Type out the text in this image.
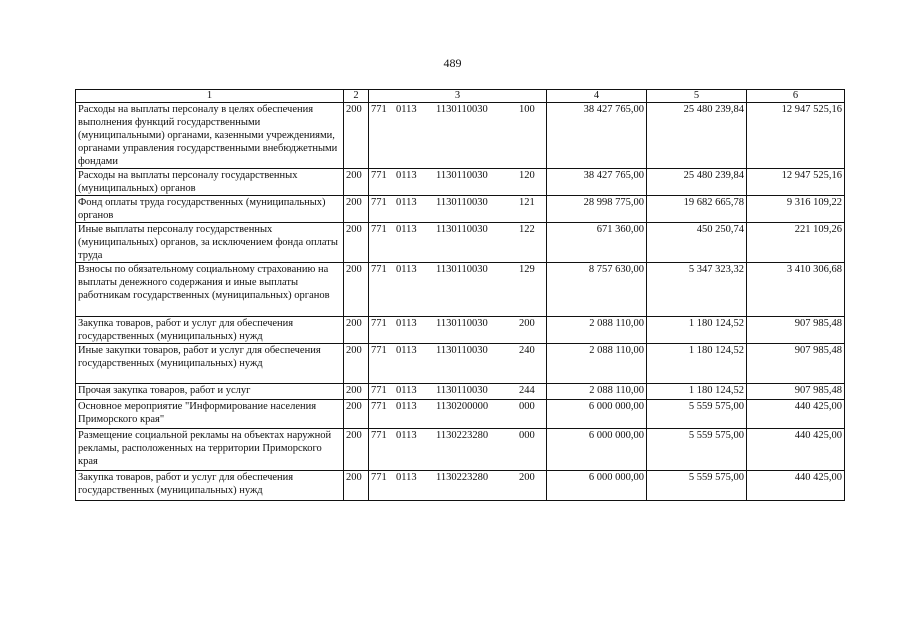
489
1	2	3	4	5	6
Расходы на выплаты персоналу в целях обеспечения выполнения функций государственными (муниципальными) органами, казенными учреждениями, органами управления государственными внебюджетными фондами	200	771 0113 1130110030 100	38 427 765,00	25 480 239,84	12 947 525,16
Расходы на выплаты персоналу государственных (муниципальных) органов	200	771 0113 1130110030 120	38 427 765,00	25 480 239,84	12 947 525,16
Фонд оплаты труда государственных (муниципальных) органов	200	771 0113 1130110030 121	28 998 775,00	19 682 665,78	9 316 109,22
Иные выплаты персоналу государственных (муниципальных) органов, за исключением фонда оплаты труда	200	771 0113 1130110030 122	671 360,00	450 250,74	221 109,26
Взносы по обязательному социальному страхованию на выплаты денежного содержания и иные выплаты работникам государственных (муниципальных) органов	200	771 0113 1130110030 129	8 757 630,00	5 347 323,32	3 410 306,68
Закупка товаров, работ и услуг для обеспечения государственных (муниципальных) нужд	200	771 0113 1130110030 200	2 088 110,00	1 180 124,52	907 985,48
Иные закупки товаров, работ и услуг для обеспечения государственных (муниципальных) нужд	200	771 0113 1130110030 240	2 088 110,00	1 180 124,52	907 985,48
Прочая закупка товаров, работ и услуг	200	771 0113 1130110030 244	2 088 110,00	1 180 124,52	907 985,48
Основное мероприятие "Информирование населения Приморского края"	200	771 0113 1130200000 000	6 000 000,00	5 559 575,00	440 425,00
Размещение социальной рекламы на объектах наружной рекламы, расположенных на территории Приморского края	200	771 0113 1130223280 000	6 000 000,00	5 559 575,00	440 425,00
Закупка товаров, работ и услуг для обеспечения государственных (муниципальных) нужд	200	771 0113 1130223280 200	6 000 000,00	5 559 575,00	440 425,00
